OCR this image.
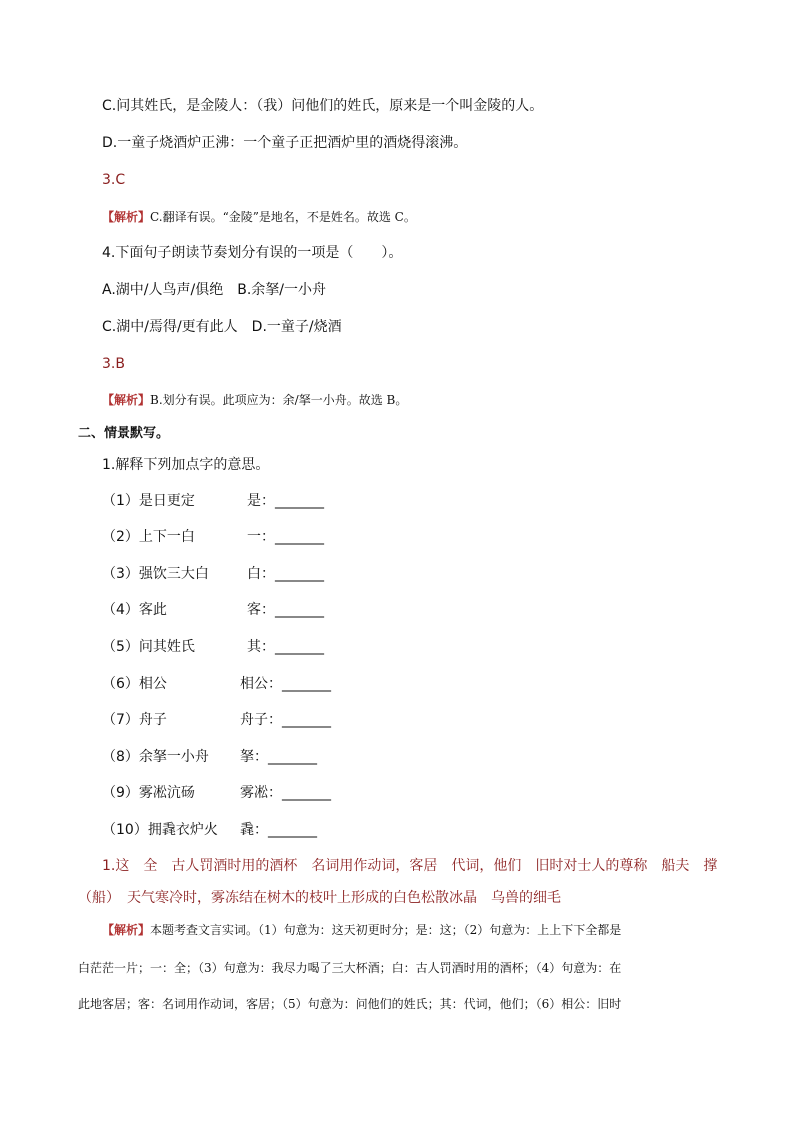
C.问其姓氏，是金陵人：（我）问他们的姓氏，原来是一个叫金陵的人。
D.一童子烧酒炉正沸：一个童子正把酒炉里的酒烧得滚沸。
3.C
【解析】C.翻译有误。“金陵”是地名，不是姓名。故选 C。
4.下面句子朗读节奏划分有误的一项是（　　）。
A.湖中/人鸟声/俱绝　B.余拏/一小舟
C.湖中/焉得/更有此人　D.一童子/烧酒
3.B
【解析】B.划分有误。此项应为：余/拏一小舟。故选 B。
二、情景默写。
1.解释下列加点字的意思。
（1）是日更定	是：_______
（2）上下一白	一：_______
（3）强饮三大白	白：_______
（4）客此	客：_______
（5）问其姓氏	其：_______
（6）相公	相公：_______
（7）舟子	舟子：_______
（8）余拏一小舟 拏：_______
（9）雾凇沆砀	雾凇：_______
（10）拥毳衣炉火 毳：_______
1.这　全　古人罚酒时用的酒杯　名词用作动词，客居　代词，他们　旧时对士人的尊称　船夫　撑
（船）　天气寒冷时，雾冻结在树木的枝叶上形成的白色松散冰晶　乌兽的细毛
【解析】本题考查文言实词。（1）句意为：这天初更时分；是：这；（2）句意为：上上下下全都是
白茫茫一片；一：全；（3）句意为：我尽力喝了三大杯酒；白：古人罚酒时用的酒杯；（4）句意为：在
此地客居；客：名词用作动词，客居；（5）句意为：问他们的姓氏；其：代词，他们；（6）相公：旧时
